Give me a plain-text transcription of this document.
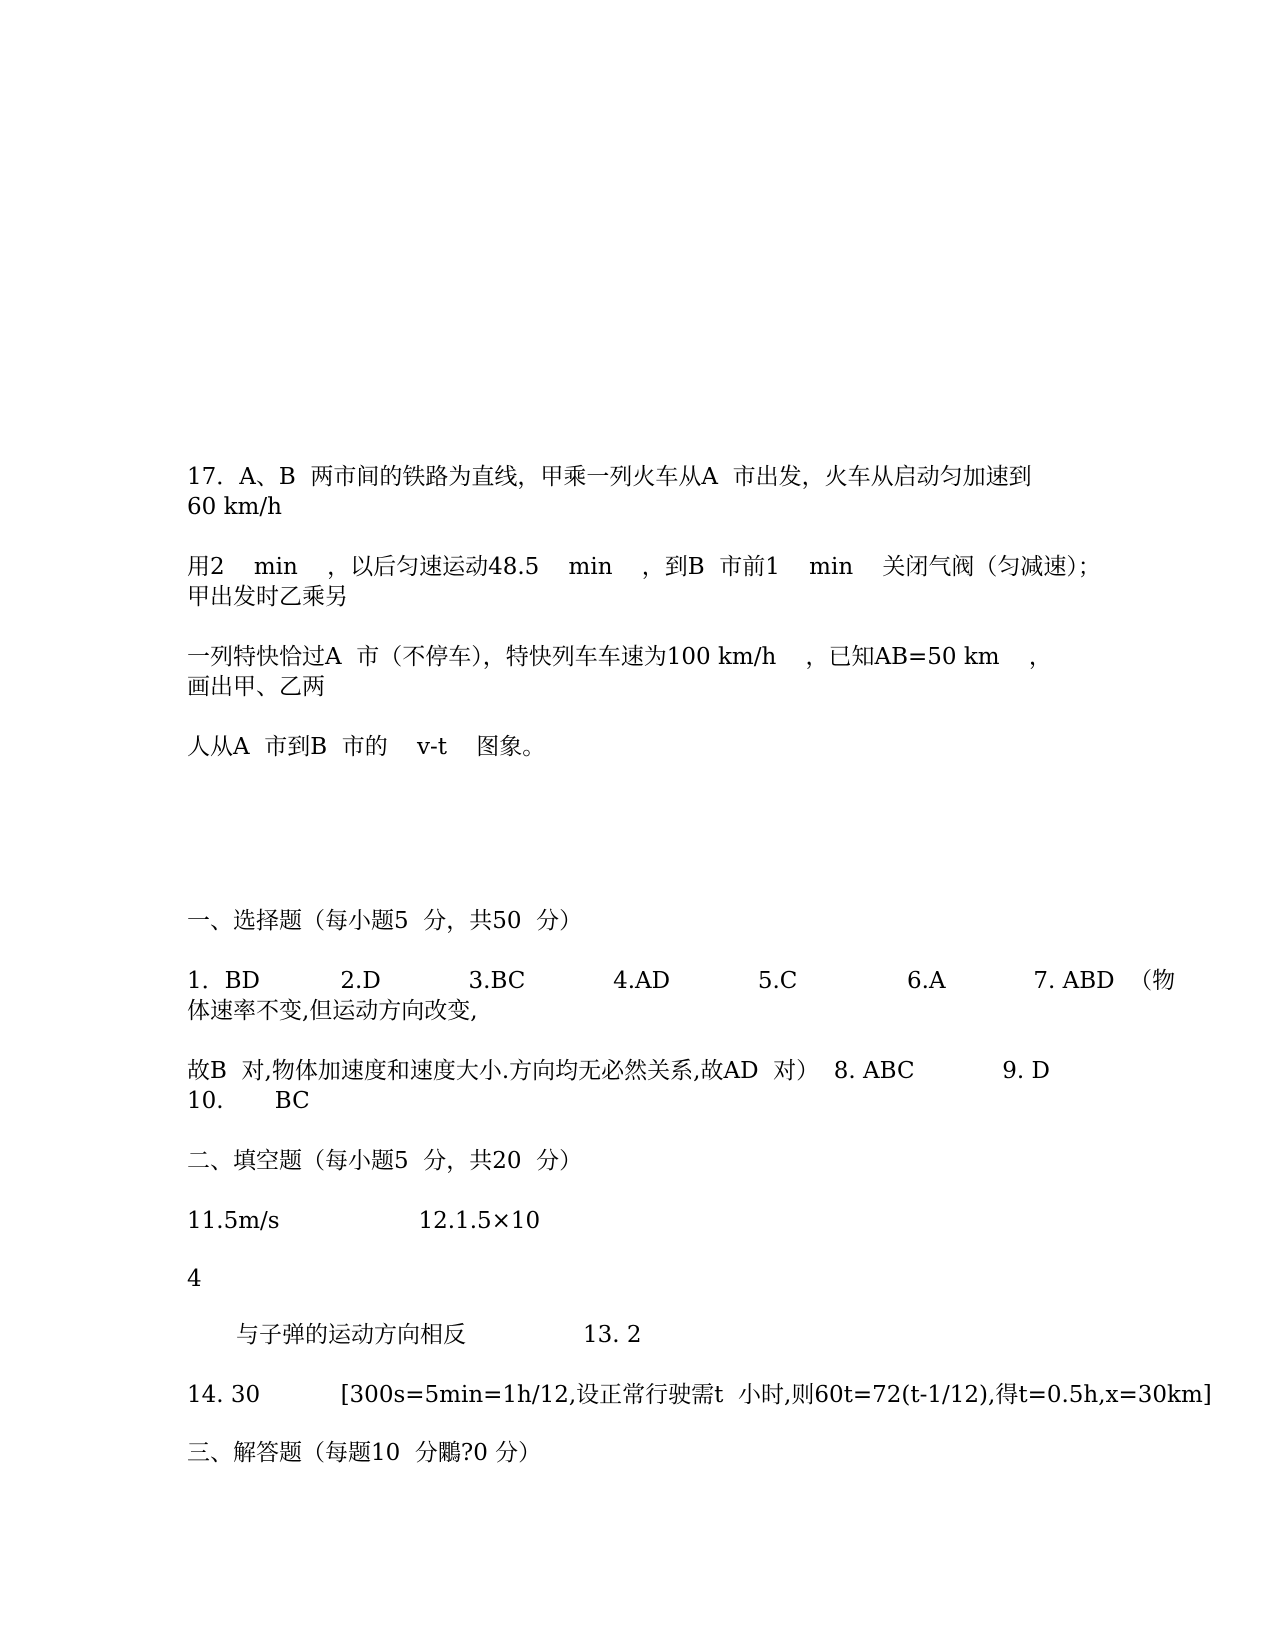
17．A、B  两市间的铁路为直线，甲乘一列火车从A  市出发，火车从启动匀加速到
60 km/h
用2    min    ，以后匀速运动48.5    min    ，到B  市前1    min    关闭气阀（匀减速）；
甲出发时乙乘另
一列特快恰过A  市（不停车），特快列车车速为100 km/h    ，已知AB=50 km    ，
画出甲、乙两
人从A  市到B  市的    v-t    图象。
一、选择题（每小题5  分，共50  分）
1．BD           2.D            3.BC            4.AD            5.C               6.A            7. ABD  （物
体速率不变,但运动方向改变,
故B  对,物体加速度和速度大小.方向均无必然关系,故AD  对）  8. ABC            9. D
10.       BC
二、填空题（每小题5  分，共20  分）
11.5m/s                   12.1.5×10
4
与子弹的运动方向相反                13. 2
14. 30           [300s=5min=1h/12,设正常行驶需t  小时,则60t=72(t-1/12),得t=0.5h,x=30km]
三、解答题（每题10  分鷴?0 分）
